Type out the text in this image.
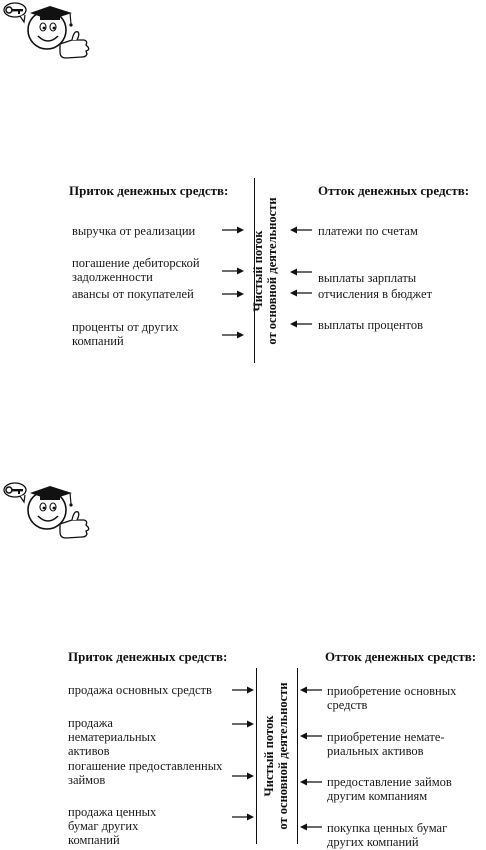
Приток денежных средств:	Отток денежных средств:
Чистый поток от основной деятельности
выручка от реализации
погашение дебиторской задолженности
авансы от покупателей
проценты от других компаний
платежи по счетам
выплаты зарплаты
отчисления в бюджет
выплаты процентов
Приток денежных средств:	Отток денежных средств:
Чистый поток от основной деятельности
продажа основных средств
продажа нематериальных активов
погашение предоставленных займов
продажа ценных бумаг других компаний
приобретение основных средств
приобретение немате-риальных активов
предоставление займов другим компаниям
покупка ценных бумаг других компаний
